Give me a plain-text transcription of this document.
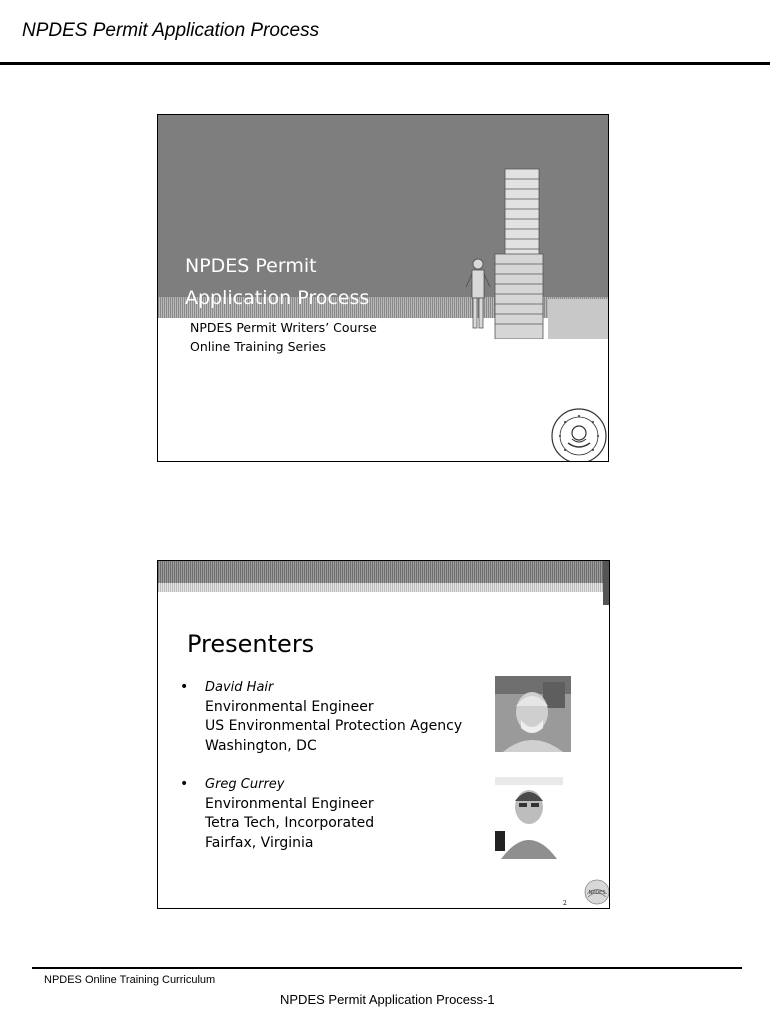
NPDES Permit Application Process
NPDES Permit
Application Process
NPDES Permit Writers’ Course
Online Training Series
Presenters
• David Hair
Environmental Engineer
US Environmental Protection Agency
Washington, DC
• Greg Currey
Environmental Engineer
Tetra Tech, Incorporated
Fairfax, Virginia
2
NPDES
NPDES Online Training Curriculum
NPDES Permit Application Process-1
